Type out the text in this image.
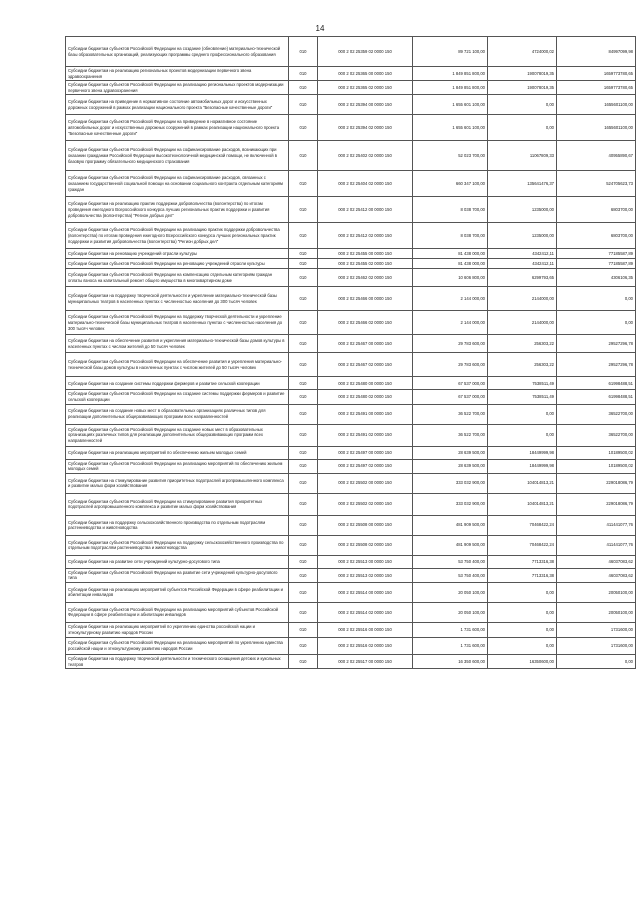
14
Субсидии бюджетам субъектов Российской Федерации на создание (обновление) материально-технической базы образовательных организаций, реализующих программы среднего профессионального образования	010	000 2 02 25359 02 0000 150	89 721 100,00	4724000,02	84997099,98
Субсидии бюджетам на реализацию региональных проектов модернизации первичного звена здравоохранения	010	000 2 02 25365 00 0000 150	1 849 851 800,00	190078019,35	1659773780,65
Субсидии бюджетам субъектов Российской Федерации на реализацию региональных проектов модернизации первичного звена здравоохранения	010	000 2 02 25365 02 0000 150	1 849 851 800,00	190078019,35	1659773780,65
Субсидии бюджетам на приведение в нормативное состояние автомобильных дорог и искусственных дорожных сооружений в рамках реализации национального проекта "Безопасные качественные дороги"	010	000 2 02 25394 00 0000 150	1 655 601 100,00	0,00	1655601100,00
Субсидии бюджетам субъектов Российской Федерации на приведение в нормативное состояние автомобильных дорог и искусственных дорожных сооружений в рамках реализации национального проекта "Безопасные качественные дороги"	010	000 2 02 25394 02 0000 150	1 655 601 100,00	0,00	1655601100,00
Субсидии бюджетам субъектов Российской Федерации на софинансирование расходов, возникающих при оказании гражданам Российской Федерации высокотехнологичной медицинской помощи, не включенной в базовую программу обязательного медицинского страхования	010	000 2 02 25402 02 0000 150	52 023 700,00	11067809,33	40955890,67
Субсидии бюджетам субъектов Российской Федерации на софинансирование расходов, связанных с оказанием государственной социальной помощи на основании социального контракта отдельным категориям граждан	010	000 2 02 25404 02 0000 150	660 347 100,00	135641476,37	524705623,73
Субсидии бюджетам на реализацию практик поддержки добровольчества (волонтерства) по итогам проведения ежегодного Всероссийского конкурса лучших региональных практик поддержки и развития добровольчества (волонтерства) "Регион добрых дел"	010	000 2 02 25412 00 0000 150	8 038 700,00	1235000,00	6803700,00
Субсидии бюджетам субъектов Российской Федерации на реализацию практик поддержки добровольчества (волонтерства) по итогам проведения ежегодного Всероссийского конкурса лучших региональных практик поддержки и развития добровольчества (волонтерства) "Регион добрых дел"	010	000 2 02 25412 02 0000 150	8 038 700,00	1235000,00	6803700,00
Субсидии бюджетам на реновацию учреждений отрасли культуры	010	000 2 02 25455 00 0000 150	81 438 000,00	4342412,11	77185587,89
Субсидии бюджетам субъектов Российской Федерации на реновацию учреждений отрасли культуры	010	000 2 02 25455 02 0000 150	81 438 000,00	4342412,11	77185587,89
Субсидии бюджетам субъектов Российской Федерации на компенсацию отдельным категориям граждан оплаты взноса на капитальный ремонт общего имущества в многоквартирном доме	010	000 2 02 25462 02 0000 150	10 606 800,00	6299793,65	4306106,35
Субсидии бюджетам на поддержку творческой деятельности и укрепление материально-технической базы муниципальных театров в населенных пунктах с численностью населения до 300 тысяч человек	010	000 2 02 25466 00 0000 150	2 144 000,00	2144000,00	0,00
Субсидии бюджетам субъектов Российской Федерации на поддержку творческой деятельности и укрепление материально-технической базы муниципальных театров в населенных пунктах с численностью населения до 300 тысяч человек	010	000 2 02 25466 02 0000 150	2 144 000,00	2144000,00	0,00
Субсидии бюджетам на обеспечение развития и укрепления материально-технической базы домов культуры в населенных пунктах с числом жителей до 50 тысяч человек	010	000 2 02 25467 00 0000 150	29 783 600,00	256303,22	29527296,78
Субсидии бюджетам субъектов Российской Федерации на обеспечение развития и укрепления материально-технической базы домов культуры в населенных пунктах с числом жителей до 50 тысяч человек	010	000 2 02 25467 02 0000 150	29 783 600,00	256303,22	29527296,78
Субсидии бюджетам на создание системы поддержки фермеров и развитие сельской кооперации	010	000 2 02 25480 00 0000 150	67 537 000,00	7538511,49	61998488,51
Субсидии бюджетам субъектов Российской Федерации на создание системы поддержки фермеров и развитие сельской кооперации	010	000 2 02 25480 02 0000 150	67 537 000,00	7538511,49	61998488,51
Субсидии бюджетам на создание новых мест в образовательных организациях различных типов для реализации дополнительных общеразвивающих программ всех направленностей	010	000 2 02 25491 00 0000 150	36 522 700,00	0,00	36522700,00
Субсидии бюджетам субъектов Российской Федерации на создание новых мест в образовательных организациях различных типов для реализации дополнительных общеразвивающих программ всех направленностей	010	000 2 02 25491 02 0000 150	36 522 700,00	0,00	36522700,00
Субсидии бюджетам на реализацию мероприятий по обеспечению жильем молодых семей	010	000 2 02 25497 00 0000 150	28 639 500,00	18449999,98	10189500,02
Субсидии бюджетам субъектов Российской Федерации на реализацию мероприятий по обеспечению жильем молодых семей	010	000 2 02 25497 02 0000 150	28 639 500,00	18449999,98	10189500,02
Субсидии бюджетам на стимулирование развития приоритетных подотраслей агропромышленного комплекса и развитие малых форм хозяйствования	010	000 2 02 25502 00 0000 150	333 032 900,00	104014813,21	229018086,79
Субсидии бюджетам субъектов Российской Федерации на стимулирование развития приоритетных подотраслей агропромышленного комплекса и развитие малых форм хозяйствования	010	000 2 02 25502 02 0000 150	333 032 900,00	104014813,21	229018086,79
Субсидии бюджетам на поддержку сельскохозяйственного производства по отдельным подотраслям растениеводства и животноводства	010	000 2 02 25508 00 0000 150	481 909 500,00	70468422,24	411441077,76
Субсидии бюджетам субъектов Российской Федерации на поддержку сельскохозяйственного производства по отдельным подотраслям растениеводства и животноводства	010	000 2 02 25508 02 0000 150	481 909 500,00	70468422,24	411441077,76
Субсидии бюджетам на развитие сети учреждений культурно-досугового типа	010	000 2 02 25513 00 0000 150	53 750 400,00	7713316,38	46037083,62
Субсидии бюджетам субъектов Российской Федерации на развитие сети учреждений культурно-досугового типа	010	000 2 02 25513 02 0000 150	53 750 400,00	7713316,38	46037083,62
Субсидии бюджетам на реализацию мероприятий субъектов Российской Федерации в сфере реабилитации и абилитации инвалидов	010	000 2 02 25514 00 0000 150	20 050 100,00	0,00	20050100,00
Субсидии бюджетам субъектов Российской Федерации на реализацию мероприятий субъектов Российской Федерации в сфере реабилитации и абилитации инвалидов	010	000 2 02 25514 02 0000 150	20 050 100,00	0,00	20050100,00
Субсидии бюджетам на реализацию мероприятий по укреплению единства российской нации и этнокультурному развитию народов России	010	000 2 02 25516 00 0000 150	1 731 600,00	0,00	1731600,00
Субсидии бюджетам субъектов Российской Федерации на реализацию мероприятий по укреплению единства российской нации и этнокультурному развитию народов России	010	000 2 02 25516 02 0000 150	1 731 600,00	0,00	1731600,00
Субсидии бюджетам на поддержку творческой деятельности и технического оснащения детских и кукольных театров	010	000 2 02 25517 00 0000 150	16 350 600,00	16350600,00	0,00
